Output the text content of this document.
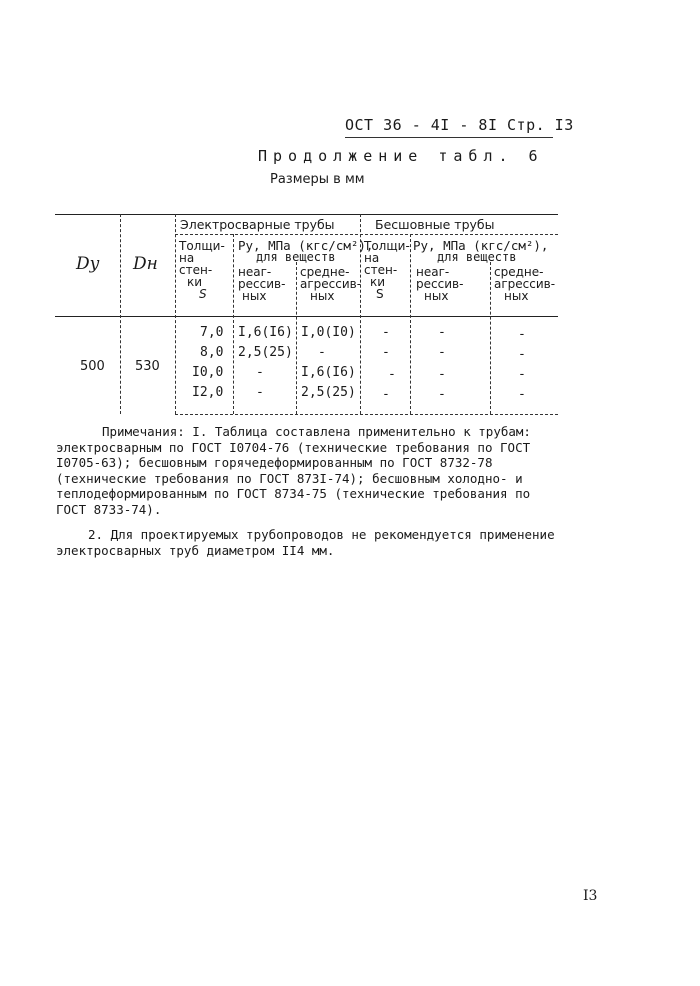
ОСТ 36 - 4I - 8I Стр. I3
Продолжение табл. 6
Размеры в мм
Dу Dн
Электросварные трубы	Бесшовные трубы
Толщи-
на
стен-
ки
S
Толщи-
на
стен-
ки
S
Ру, МПа (кгс/см²),
для веществ
Ру, МПа (кгс/см²),
для веществ
неаг-
рессив-
ных
средне-
агрессив-
ных
неаг-
рессив-
ных
средне-
агрессив-
ных
500 530
7,0
8,0
I0,0
I2,0
I,6(I6)
2,5(25)
-
-
I,0(I0)
-
I,6(I6)
2,5(25)
-
-
-
-
-
-
-
-
-
-
-
-

Примечания: I. Таблица составлена применительно к трубам: электросварным по ГОСТ I0704-76 (технические требования по ГОСТ I0705-63); бесшовным горячедеформированным по ГОСТ 8732-78 (технические требования по ГОСТ 873I-74); бесшовным холодно- и теплодеформированным по ГОСТ 8734-75 (технические требования по ГОСТ 8733-74).

2. Для проектируемых трубопроводов не рекомендуется применение электросварных труб диаметром II4 мм.

I3
